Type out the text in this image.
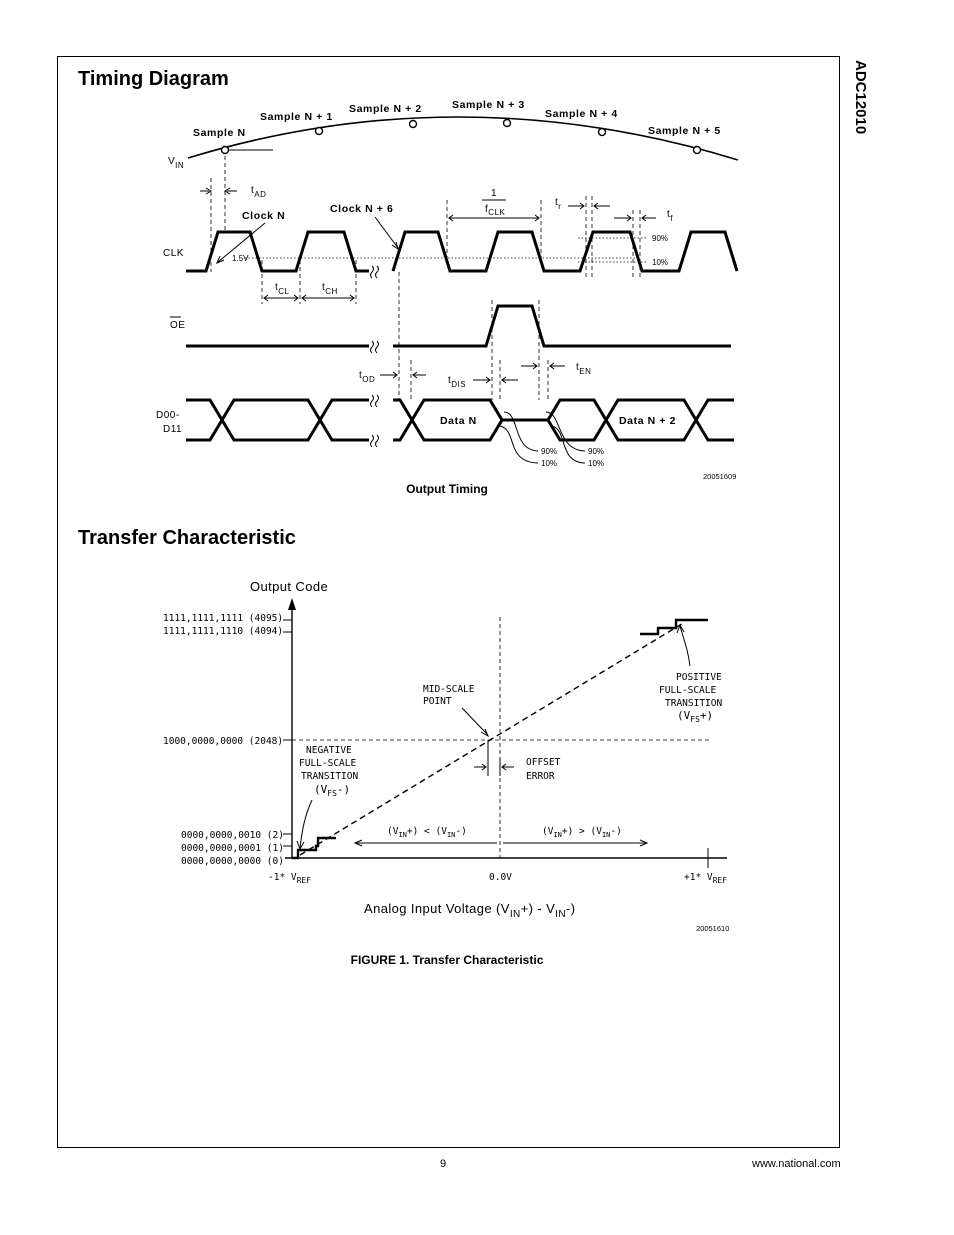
ADC12010
Timing Diagram
Transfer Characteristic
Output Timing
FIGURE 1. Transfer Characteristic
9	www.national.com
Sample N
Sample N + 1
Sample N + 2	Sample N + 3
Sample N + 4
Sample N + 5
$V_{IN}$
$t_{AD}$
Clock N
Clock N + 6
CLK	1.5V
90%
10%
$t_{CL}$	$t_{CH}$
1
$f_{CLK}$
$t_r$
$t_f$
OE
$t_{OD}$	$t_{DIS}$
$t_{EN}$
D00-
D11
Data N	Data N + 2
90%
10%
90%
10%
20051609
Output Code
1111,1111,1111 (4095)
1111,1111,1110 (4094)
1000,0000,0000 (2048)
0000,0000,0010 (2)
0000,0000,0001 (1)
0000,0000,0000 (0)
-1* $V_{REF}$	0.0V	+1* $V_{REF}$
$(V_{IN}+) < (V_{IN}-)$	$(V_{IN}+) > (V_{IN}-)$
MID-SCALE
POINT
OFFSET
ERROR
NEGATIVE
FULL-SCALE
TRANSITION
$(V_{FS}-)$
POSITIVE
FULL-SCALE
TRANSITION
$(V_{FS}+)$
Analog Input Voltage $(V_{IN}+) - V_{IN}-$)
20051610
